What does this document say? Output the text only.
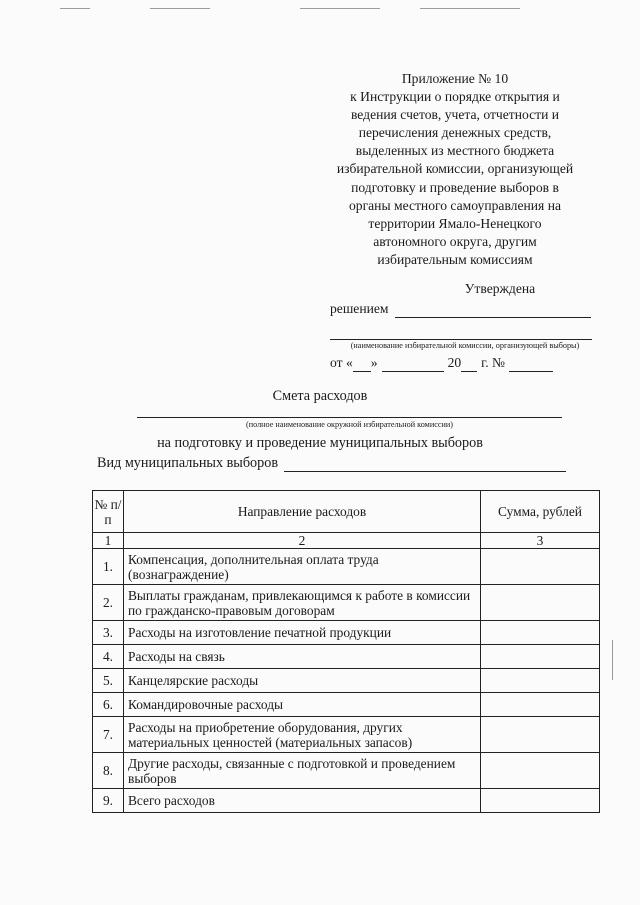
Приложение № 10
к Инструкции о порядке открытия и
ведения счетов, учета, отчетности и
перечисления денежных средств,
выделенных из местного бюджета
избирательной комиссии, организующей
подготовку и проведение выборов в
органы местного самоуправления на
территории Ямало-Ненецкого
автономного округа, другим
избирательным комиссиям
Утверждена
решением
(наименование избирательной комиссии, организующей выборы)
от « »	20 г. №
Смета расходов
(полное наименование окружной избирательной комиссии)
на подготовку и проведение муниципальных выборов
Вид муниципальных выборов
№ п/п	Направление расходов	Сумма, рублей
1	2	3
1.	Компенсация, дополнительная оплата труда (вознаграждение)	
2.	Выплаты гражданам, привлекающимся к работе в комиссии по гражданско-правовым договорам	
3.	Расходы на изготовление печатной продукции	
4.	Расходы на связь	
5.	Канцелярские расходы	
6.	Командировочные расходы	
7.	Расходы на приобретение оборудования, других материальных ценностей (материальных запасов)	
8.	Другие расходы, связанные с подготовкой и проведением выборов	
9.	Всего расходов	
